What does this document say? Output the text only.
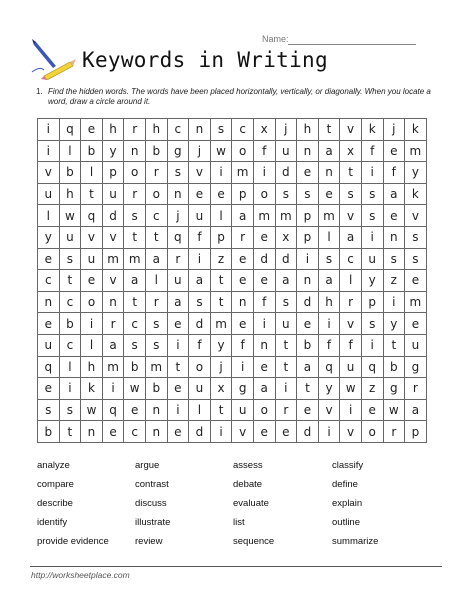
Name:
Keywords in Writing
1. Find the hidden words. The words have been placed horizontally, vertically, or diagonally. When you locate a word, draw a circle around it.
i	q	e	h	r	h	c	n	s	c	x	j	h	t	v	k	j	k
i	l	b	y	n	b	g	j	w	o	f	u	n	a	x	f	e	m
v	b	l	p	o	r	s	v	i	m	i	d	e	n	t	i	f	y
u	h	t	u	r	o	n	e	e	p	o	s	s	e	s	s	a	k
l	w	q	d	s	c	j	u	l	a	m	m	p	m	v	s	e	v
y	u	v	v	t	t	q	f	p	r	e	x	p	l	a	i	n	s
e	s	u	m	m	a	r	i	z	e	d	d	i	s	c	u	s	s
c	t	e	v	a	l	u	a	t	e	e	a	n	a	l	y	z	e
n	c	o	n	t	r	a	s	t	n	f	s	d	h	r	p	i	m
e	b	i	r	c	s	e	d	m	e	i	u	e	i	v	s	y	e
u	c	l	a	s	s	i	f	y	f	n	t	b	f	f	i	t	u
q	l	h	m	b	m	t	o	j	i	e	t	a	q	u	q	b	g
e	i	k	i	w	b	e	u	x	g	a	i	t	y	w	z	g	r
s	s	w	q	e	n	i	l	t	u	o	r	e	v	i	e	w	a
b	t	n	e	c	n	e	d	i	v	e	e	d	i	v	o	r	p
analyze
compare
describe
identify
provide evidence
argue
contrast
discuss
illustrate
review
assess
debate
evaluate
list
sequence
classify
define
explain
outline
summarize
http://worksheetplace.com
